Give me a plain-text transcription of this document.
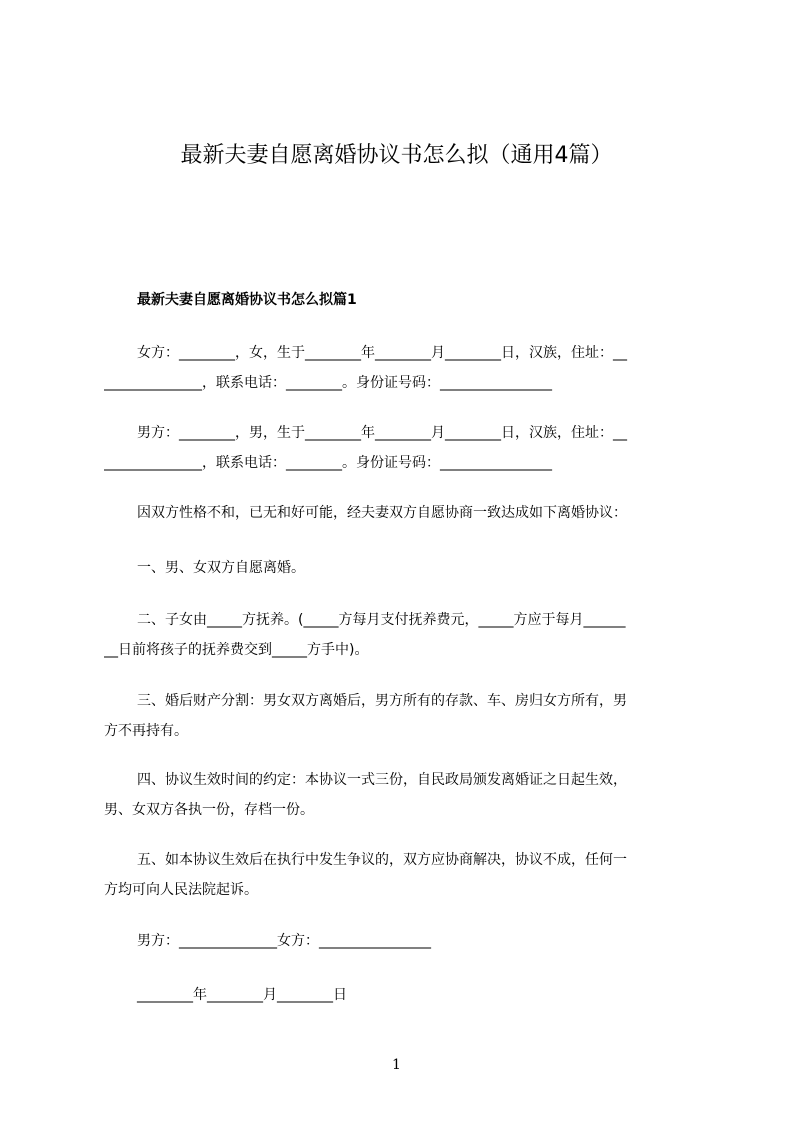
最新夫妻自愿离婚协议书怎么拟（通用4篇）
最新夫妻自愿离婚协议书怎么拟篇1
女方：________，女，生于________年________月________日，汉族，住址：__
______________，联系电话：________。身份证号码：________________
男方：________，男，生于________年________月________日，汉族，住址：__
______________，联系电话：________。身份证号码：________________
因双方性格不和，已无和好可能，经夫妻双方自愿协商一致达成如下离婚协议：
一、男、女双方自愿离婚。
二、子女由_____方抚养。(_____方每月支付抚养费元，_____方应于每月______
__日前将孩子的抚养费交到_____方手中)。
三、婚后财产分割：男女双方离婚后，男方所有的存款、车、房归女方所有，男
方不再持有。
四、协议生效时间的约定：本协议一式三份，自民政局颁发离婚证之日起生效，
男、女双方各执一份，存档一份。
五、如本协议生效后在执行中发生争议的，双方应协商解决，协议不成，任何一
方均可向人民法院起诉。
男方：______________女方：________________
________年________月________日
1
